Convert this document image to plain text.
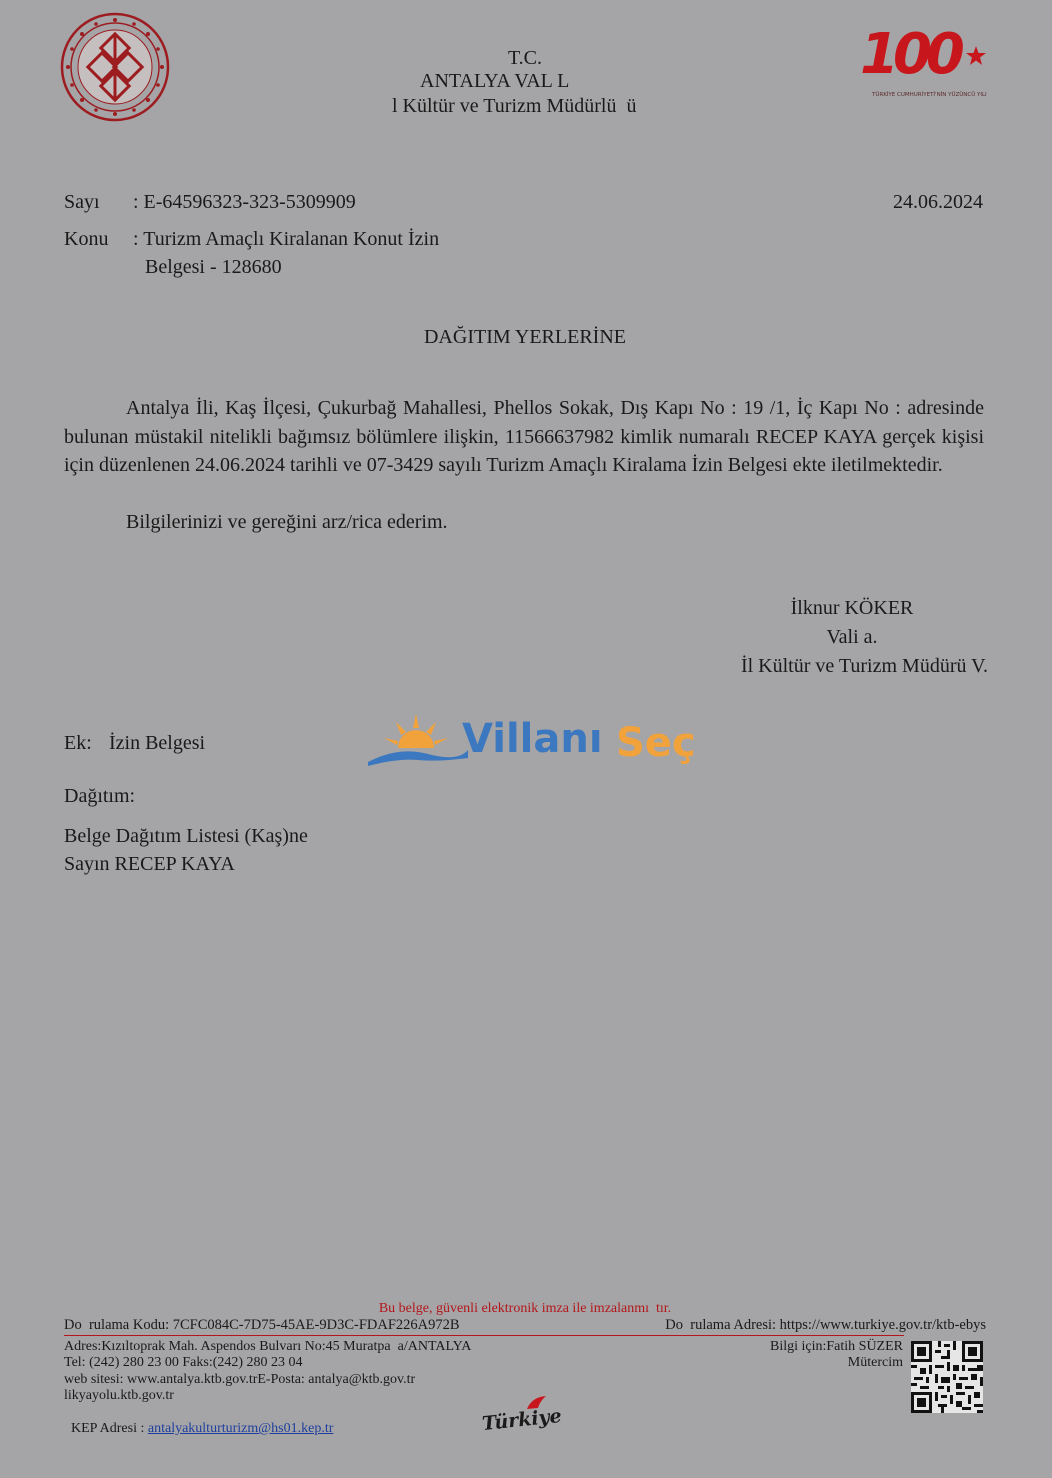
T.C.
ANTALYA VAL L
l Kültür ve Turizm Müdürlü  ü
100
TÜRKİYE CUMHURİYETİ'NİN YÜZÜNCÜ YILI
Sayı : E-64596323-323-5309909	24.06.2024
Konu : Turizm Amaçlı Kiralanan Konut İzin
Belgesi - 128680
DAĞITIM YERLERİNE
Antalya İli, Kaş İlçesi, Çukurbağ Mahallesi, Phellos Sokak, Dış Kapı No : 19 /1, İç Kapı No : adresinde bulunan müstakil nitelikli bağımsız bölümlere ilişkin, 11566637982 kimlik numaralı RECEP KAYA gerçek kişisi için düzenlenen 24.06.2024 tarihli ve 07-3429 sayılı Turizm Amaçlı Kiralama İzin Belgesi ekte iletilmektedir.
Bilgilerinizi ve gereğini arz/rica ederim.
İlknur KÖKER
Vali a.
İl Kültür ve Turizm Müdürü V.
Ek: İzin Belgesi	Villanı Seç
Dağıtım:
Belge Dağıtım Listesi (Kaş)ne
Sayın RECEP KAYA
Bu belge, güvenli elektronik imza ile imzalanmı  tır.
Do  rulama Kodu: 7CFC084C-7D75-45AE-9D3C-FDAF226A972B	Do  rulama Adresi: https://www.turkiye.gov.tr/ktb-ebys
Adres:Kızıltoprak Mah. Aspendos Bulvarı No:45 Muratpa  a/ANTALYA
Tel: (242) 280 23 00 Faks:(242) 280 23 04
web sitesi: www.antalya.ktb.gov.trE-Posta: antalya@ktb.gov.tr
likyayolu.ktb.gov.tr

KEP Adresi : antalyakulturturizm@hs01.kep.tr

Bilgi için:Fatih SÜZER
Mütercim
Türkiye
